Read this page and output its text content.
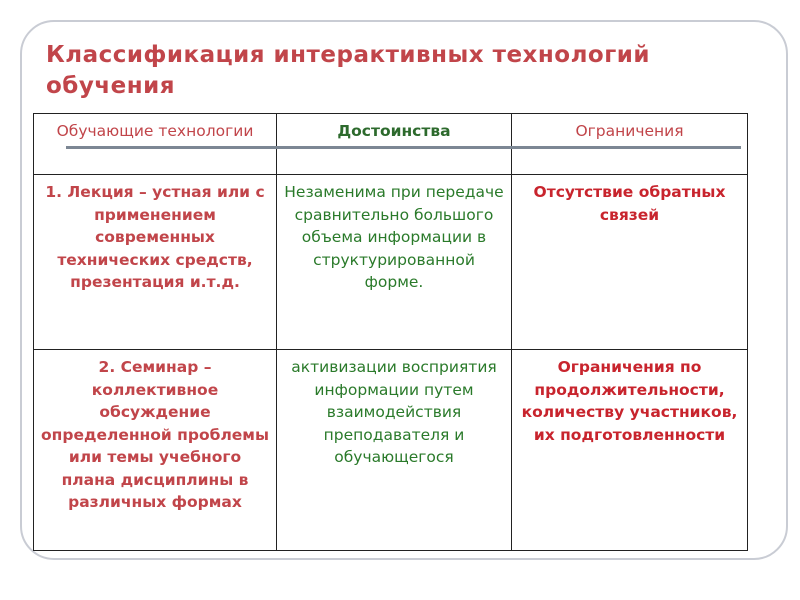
Классификация интерактивных технологий обучения
Обучающие технологии	Достоинства	Ограничения
1. Лекция – устная или с применением современных технических средств, презентация и.т.д.	Незаменима при передаче сравнительно большого объема информации в структурированной форме.	Отсутствие обратных связей
2. Семинар – коллективное обсуждение определенной проблемы или темы учебного плана дисциплины в различных формах	активизации восприятия информации путем взаимодействия преподавателя и обучающегося	Ограничения по продолжительности, количеству участников, их подготовленности
